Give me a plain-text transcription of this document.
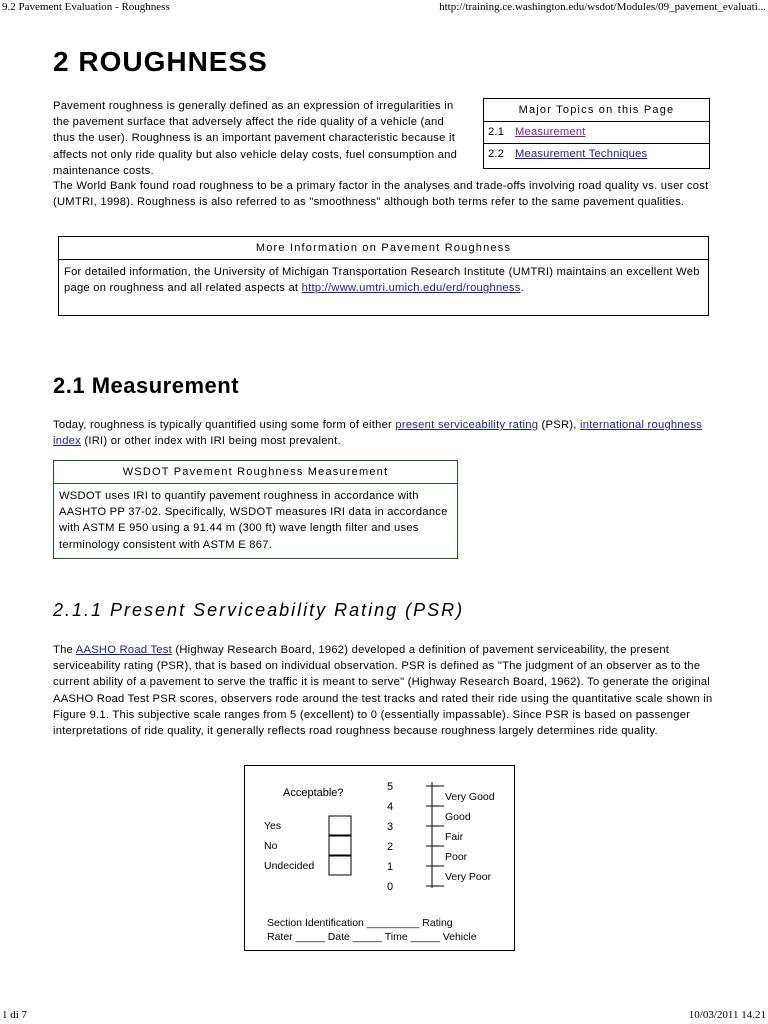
9.2 Pavement Evaluation - Roughness	http://training.ce.washington.edu/wsdot/Modules/09_pavement_evaluati...
2 ROUGHNESS

Pavement roughness is generally defined as an expression of irregularities in the pavement surface that adversely affect the ride quality of a vehicle (and thus the user). Roughness is an important pavement characteristic because it affects not only ride quality but also vehicle delay costs, fuel consumption and maintenance costs.

The World Bank found road roughness to be a primary factor in the analyses and trade-offs involving road quality vs. user cost (UMTRI, 1998). Roughness is also referred to as "smoothness" although both terms refer to the same pavement qualities.

Major Topics on this Page
2.1 Measurement
2.2 Measurement Techniques
More Information on Pavement Roughness
For detailed information, the University of Michigan Transportation Research Institute (UMTRI) maintains an excellent Web page on roughness and all related aspects at http://www.umtri.umich.edu/erd/roughness.
2.1 Measurement

Today, roughness is typically quantified using some form of either present serviceability rating (PSR), international roughness index (IRI) or other index with IRI being most prevalent.

WSDOT Pavement Roughness Measurement
WSDOT uses IRI to quantify pavement roughness in accordance with AASHTO PP 37-02. Specifically, WSDOT measures IRI data in accordance with ASTM E 950 using a 91.44 m (300 ft) wave length filter and uses terminology consistent with ASTM E 867.
2.1.1 Present Serviceability Rating (PSR)

The AASHO Road Test (Highway Research Board, 1962) developed a definition of pavement serviceability, the present serviceability rating (PSR), that is based on individual observation. PSR is defined as "The judgment of an observer as to the current ability of a pavement to serve the traffic it is meant to serve" (Highway Research Board, 1962). To generate the original AASHO Road Test PSR scores, observers rode around the test tracks and rated their ride using the quantitative scale shown in Figure 9.1. This subjective scale ranges from 5 (excellent) to 0 (essentially impassable). Since PSR is based on passenger interpretations of ride quality, it generally reflects road roughness because roughness largely determines ride quality.

Acceptable?
Yes
No
Undecided
5
4
3
2
1
0
Very Good
Good
Fair
Poor
Very Poor
Section Identification _________ Rating
Rater _____ Date _____ Time _____ Vehicle
1 di 7	10/03/2011 14.21
